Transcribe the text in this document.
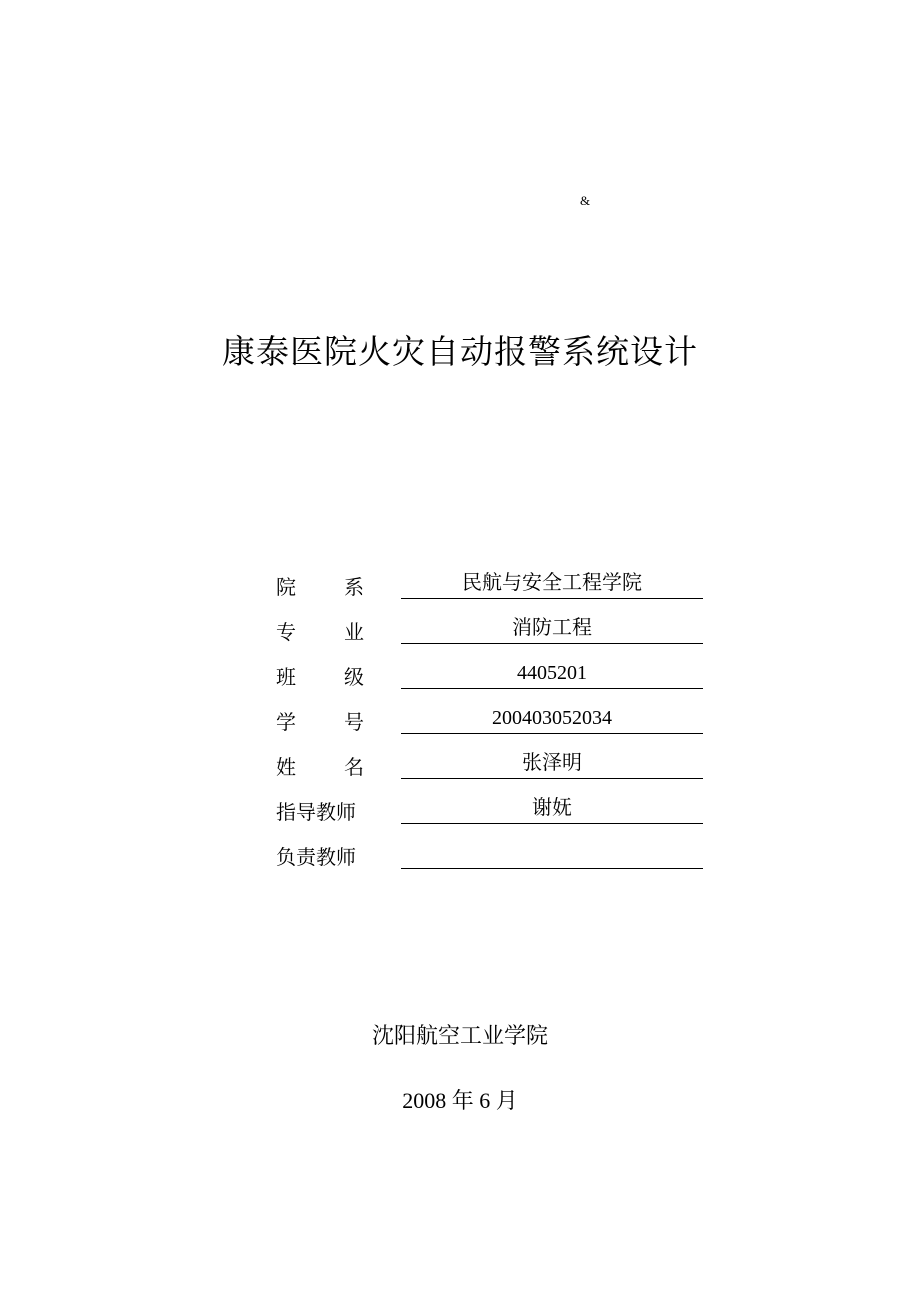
&
康泰医院火灾自动报警系统设计
院 系	民航与安全工程学院
专 业	消防工程
班 级	4405201
学 号	200403052034
姓 名	张泽明
指导教师	谢妩
负责教师
沈阳航空工业学院
2008 年 6 月
